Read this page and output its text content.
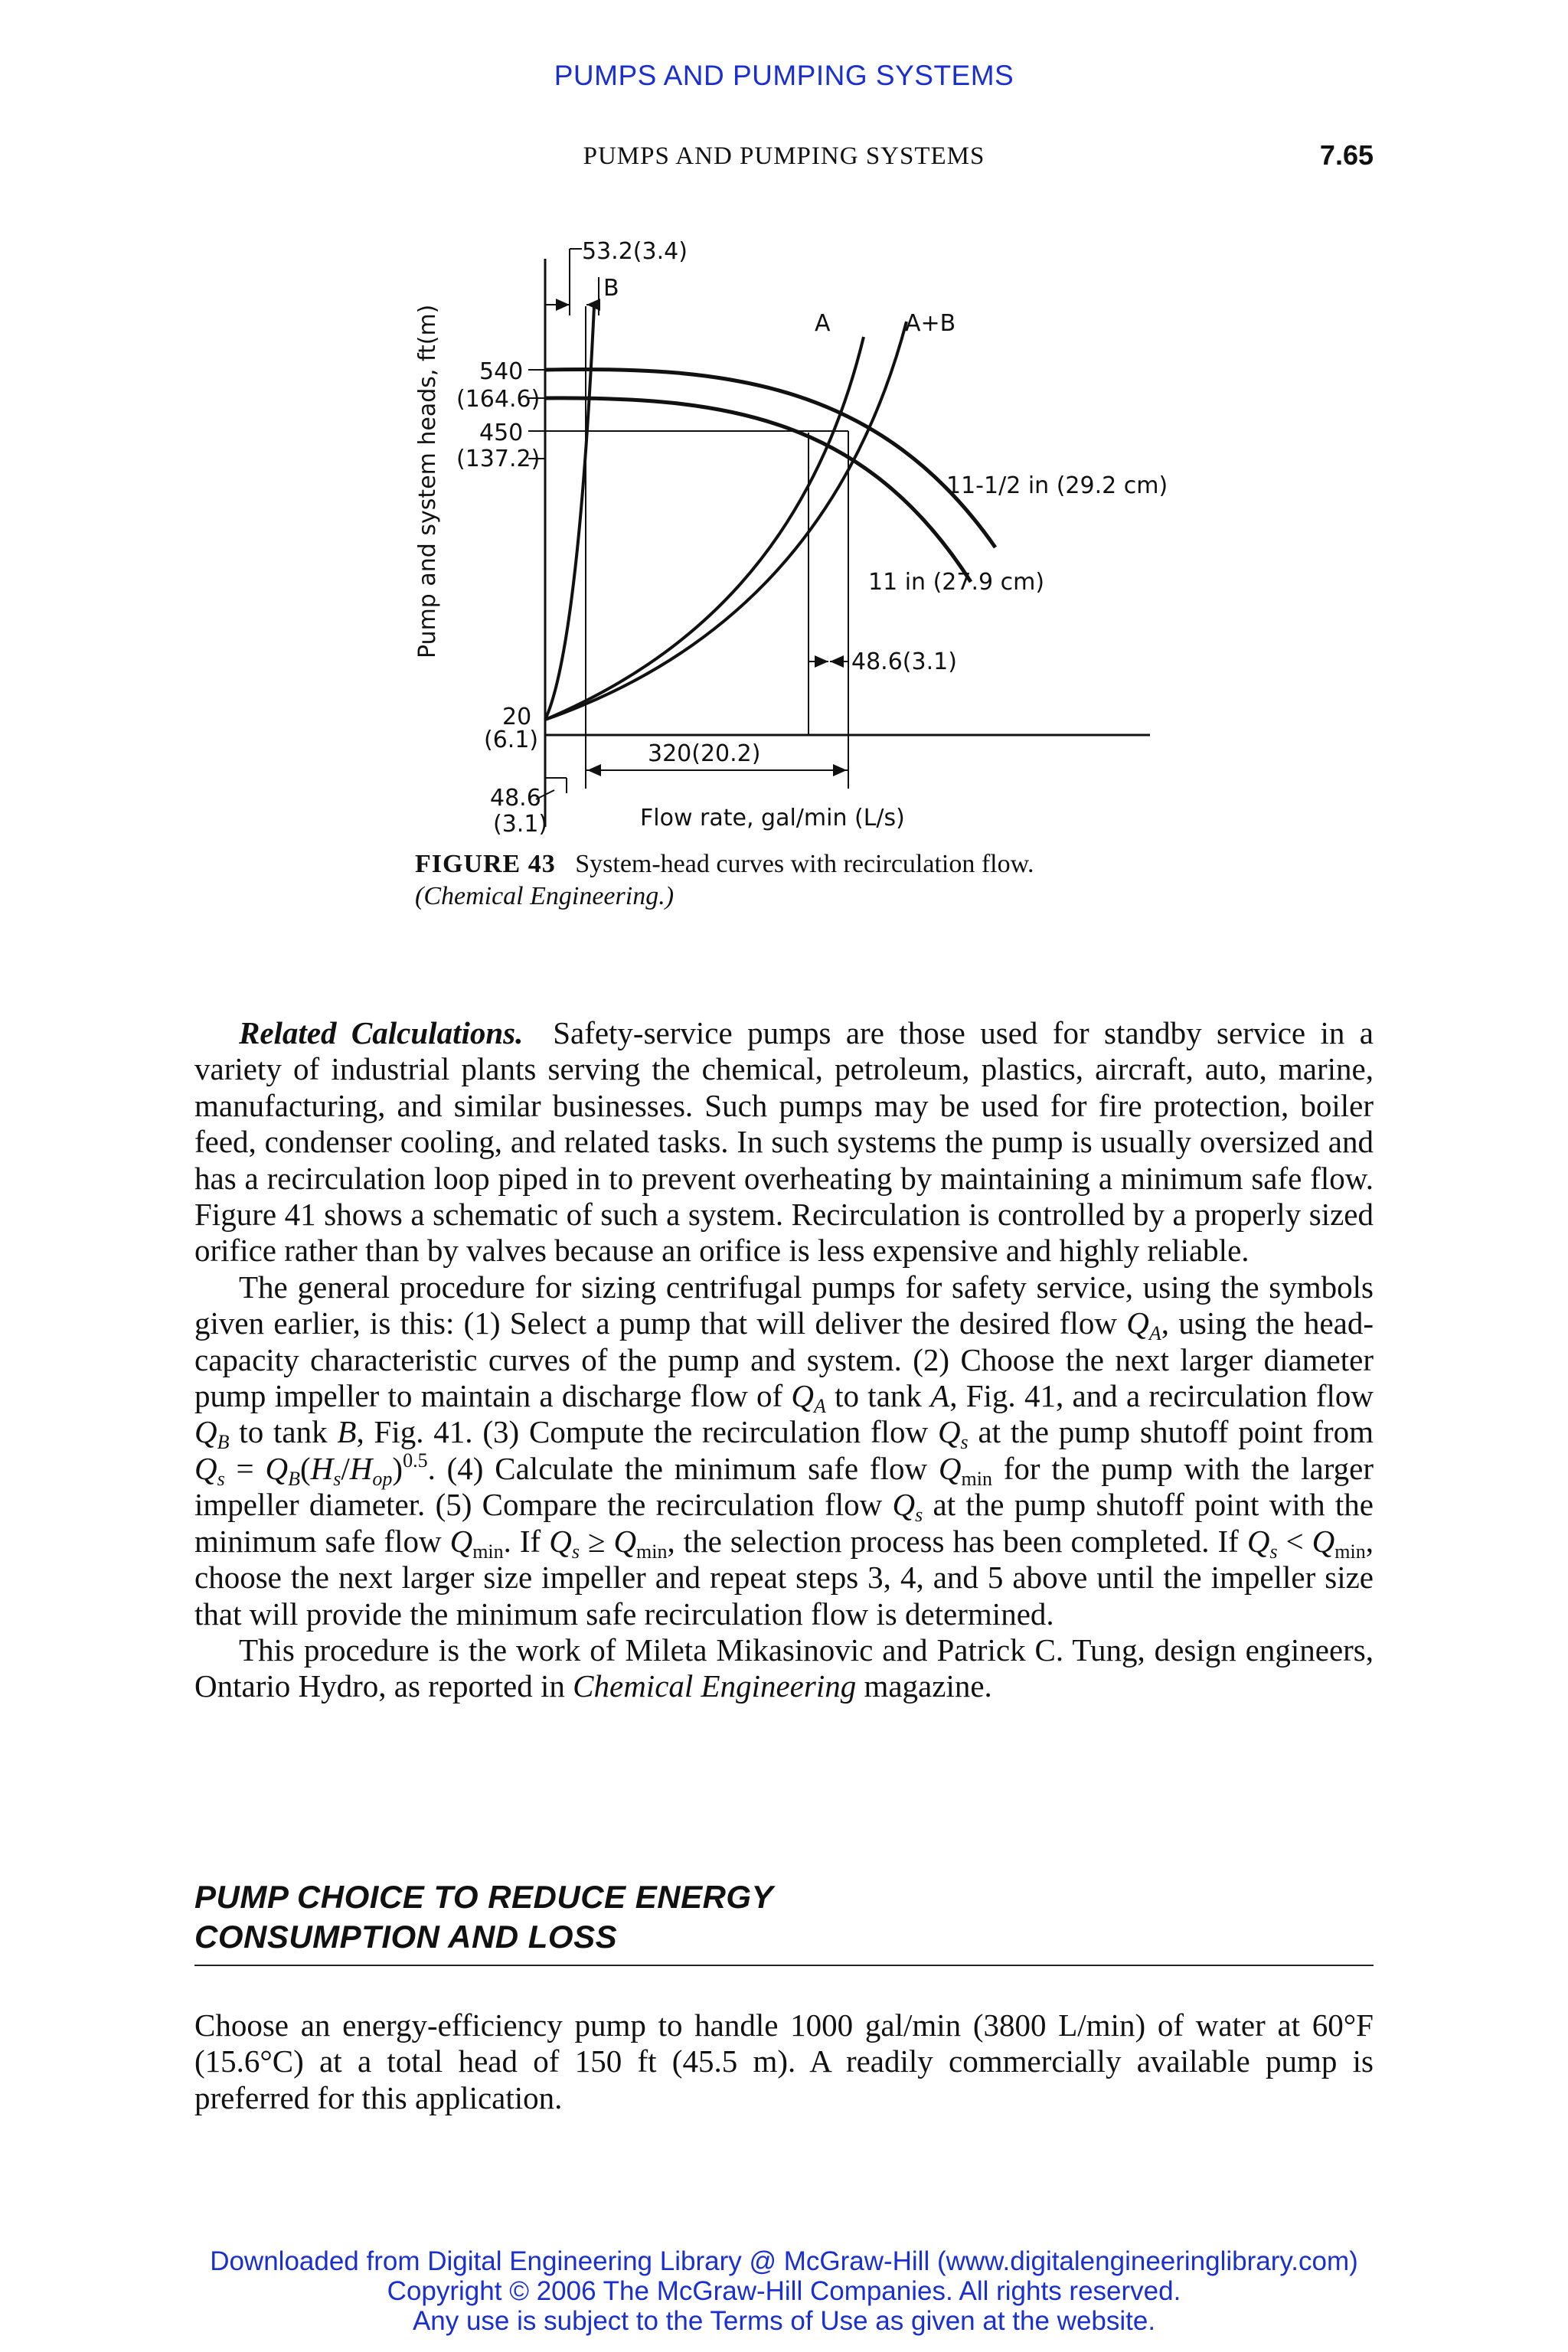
PUMPS AND PUMPING SYSTEMS
PUMPS AND PUMPING SYSTEMS	7.65
Pump and system heads, ft(m) 540
(164.6)
450
(137.2)
20
(6.1)
53.2(3.4)
B
A	A+B
11-1/2 in (29.2 cm)
11 in (27.9 cm)
48.6(3.1)
320(20.2)
48.6
(3.1)	Flow rate, gal/min (L/s)
FIGURE 43 System-head curves with recirculation flow.
(Chemical Engineering.)

Related Calculations. Safety-service pumps are those used for standby service in a variety of industrial plants serving the chemical, petroleum, plastics, aircraft, auto, marine, manufacturing, and similar businesses. Such pumps may be used for fire protection, boiler feed, condenser cooling, and related tasks. In such systems the pump is usually oversized and has a recirculation loop piped in to prevent overheating by maintaining a minimum safe flow. Figure 41 shows a schematic of such a system. Recirculation is controlled by a properly sized orifice rather than by valves because an orifice is less expensive and highly reliable.

The general procedure for sizing centrifugal pumps for safety service, using the symbols given earlier, is this: (1) Select a pump that will deliver the desired flow $Q_A$, using the head-capacity characteristic curves of the pump and system. (2) Choose the next larger diameter pump impeller to maintain a discharge flow of $Q_A$ to tank A, Fig. 41, and a recirculation flow $Q_B$ to tank B, Fig. 41. (3) Compute the recirculation flow $Q_s$ at the pump shutoff point from $Q_s = Q_B(H_s/H_{op})^{0.5}$. (4) Calculate the minimum safe flow $Q_{min}$ for the pump with the larger impeller diameter. (5) Compare the recirculation flow $Q_s$ at the pump shutoff point with the minimum safe flow $Q_{min}$. If $Q_s \ge Q_{min}$, the selection process has been completed. If $Q_s < Q_{min}$, choose the next larger size impeller and repeat steps 3, 4, and 5 above until the impeller size that will provide the minimum safe recirculation flow is determined.

This procedure is the work of Mileta Mikasinovic and Patrick C. Tung, design engineers, Ontario Hydro, as reported in Chemical Engineering magazine.

PUMP CHOICE TO REDUCE ENERGY
CONSUMPTION AND LOSS

Choose an energy-efficiency pump to handle 1000 gal/min (3800 L/min) of water at 60°F (15.6°C) at a total head of 150 ft (45.5 m). A readily commercially available pump is preferred for this application.

Downloaded from Digital Engineering Library @ McGraw-Hill (www.digitalengineeringlibrary.com)
Copyright © 2006 The McGraw-Hill Companies. All rights reserved.
Any use is subject to the Terms of Use as given at the website.
